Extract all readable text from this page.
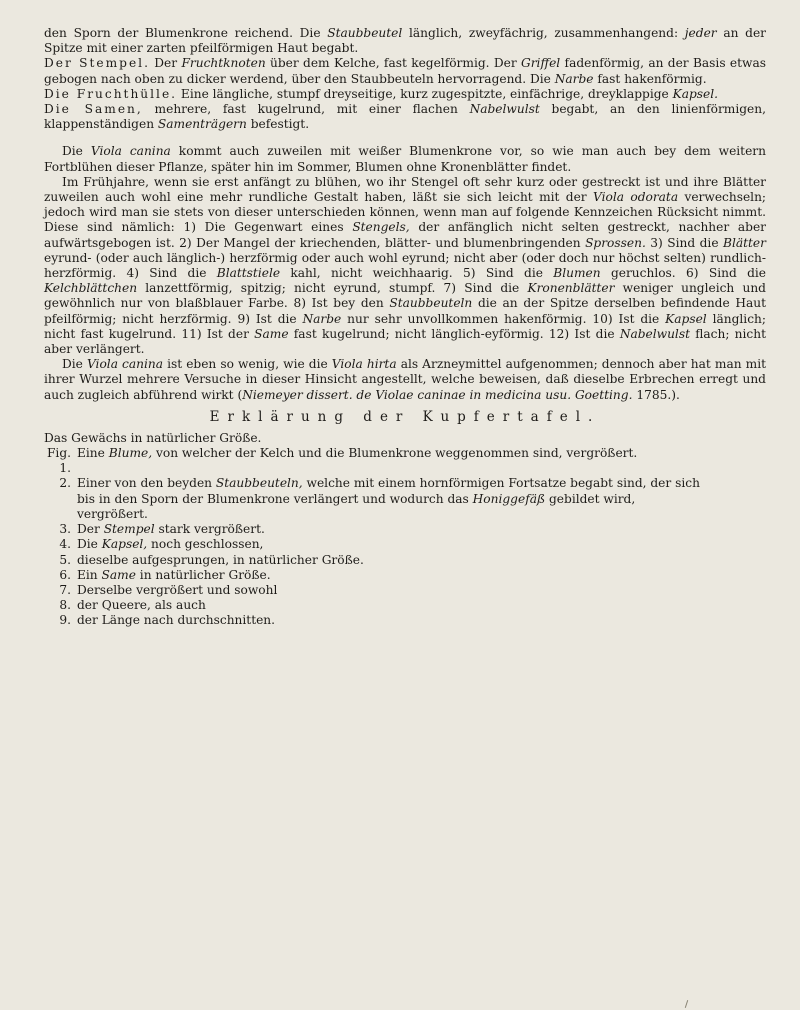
den Sporn der Blumenkrone reichend. Die Staubbeutel länglich, zweyfächrig, zusammenhangend: jeder an der Spitze mit einer zarten pfeilförmigen Haut begabt.

Der Stempel. Der Fruchtknoten über dem Kelche, fast kegelförmig. Der Griffel fadenförmig, an der Basis etwas gebogen nach oben zu dicker werdend, über den Staubbeuteln hervorragend. Die Narbe fast hakenförmig.

Die Fruchthülle. Eine längliche, stumpf dreyseitige, kurz zugespitzte, einfächrige, dreyklappige Kapsel.

Die Samen, mehrere, fast kugelrund, mit einer flachen Nabelwulst begabt, an den linienförmigen, klappenständigen Samenträgern befestigt.

Die Viola canina kommt auch zuweilen mit weißer Blumenkrone vor, so wie man auch bey dem weitern Fortblühen dieser Pflanze, später hin im Sommer, Blumen ohne Kronenblätter findet.

Im Frühjahre, wenn sie erst anfängt zu blühen, wo ihr Stengel oft sehr kurz oder gestreckt ist und ihre Blätter zuweilen auch wohl eine mehr rundliche Gestalt haben, läßt sie sich leicht mit der Viola odorata verwechseln; jedoch wird man sie stets von dieser unterschieden können, wenn man auf folgende Kennzeichen Rücksicht nimmt. Diese sind nämlich: 1) Die Gegenwart eines Stengels, der anfänglich nicht selten gestreckt, nachher aber aufwärtsgebogen ist. 2) Der Mangel der kriechenden, blätter- und blumenbringenden Sprossen. 3) Sind die Blätter eyrund- (oder auch länglich-) herzförmig oder auch wohl eyrund; nicht aber (oder doch nur höchst selten) rundlich-herzförmig. 4) Sind die Blattstiele kahl, nicht weichhaarig. 5) Sind die Blumen geruchlos. 6) Sind die Kelchblättchen lanzettförmig, spitzig; nicht eyrund, stumpf. 7) Sind die Kronenblätter weniger ungleich und gewöhnlich nur von blaßblauer Farbe. 8) Ist bey den Staubbeuteln die an der Spitze derselben befindende Haut pfeilförmig; nicht herzförmig. 9) Ist die Narbe nur sehr unvollkommen hakenförmig. 10) Ist die Kapsel länglich; nicht fast kugelrund. 11) Ist der Same fast kugelrund; nicht länglich-eyförmig. 12) Ist die Nabelwulst flach; nicht aber verlängert.

Die Viola canina ist eben so wenig, wie die Viola hirta als Arzneymittel aufgenommen; dennoch aber hat man mit ihrer Wurzel mehrere Versuche in dieser Hinsicht angestellt, welche beweisen, daß dieselbe Erbrechen erregt und auch zugleich abführend wirkt (Niemeyer dissert. de Violae caninae in medicina usu. Goetting. 1785.).

Erklärung der Kupfertafel.

Das Gewächs in natürlicher Größe.

Fig. 1.
Eine Blume, von welcher der Kelch und die Blumenkrone weggenommen sind, vergrößert.
2. Einer von den beyden Staubbeuteln, welche mit einem hornförmigen Fortsatze begabt sind, der sich bis in den Sporn der Blumenkrone verlängert und wodurch das Honiggefäß gebildet wird, vergrößert.
3. Der Stempel stark vergrößert.
4. Die Kapsel, noch geschlossen,
5. dieselbe aufgesprungen, in natürlicher Größe.
6. Ein Same in natürlicher Größe.
7. Derselbe vergrößert und sowohl
8. der Queere, als auch
9. der Länge nach durchschnitten.
